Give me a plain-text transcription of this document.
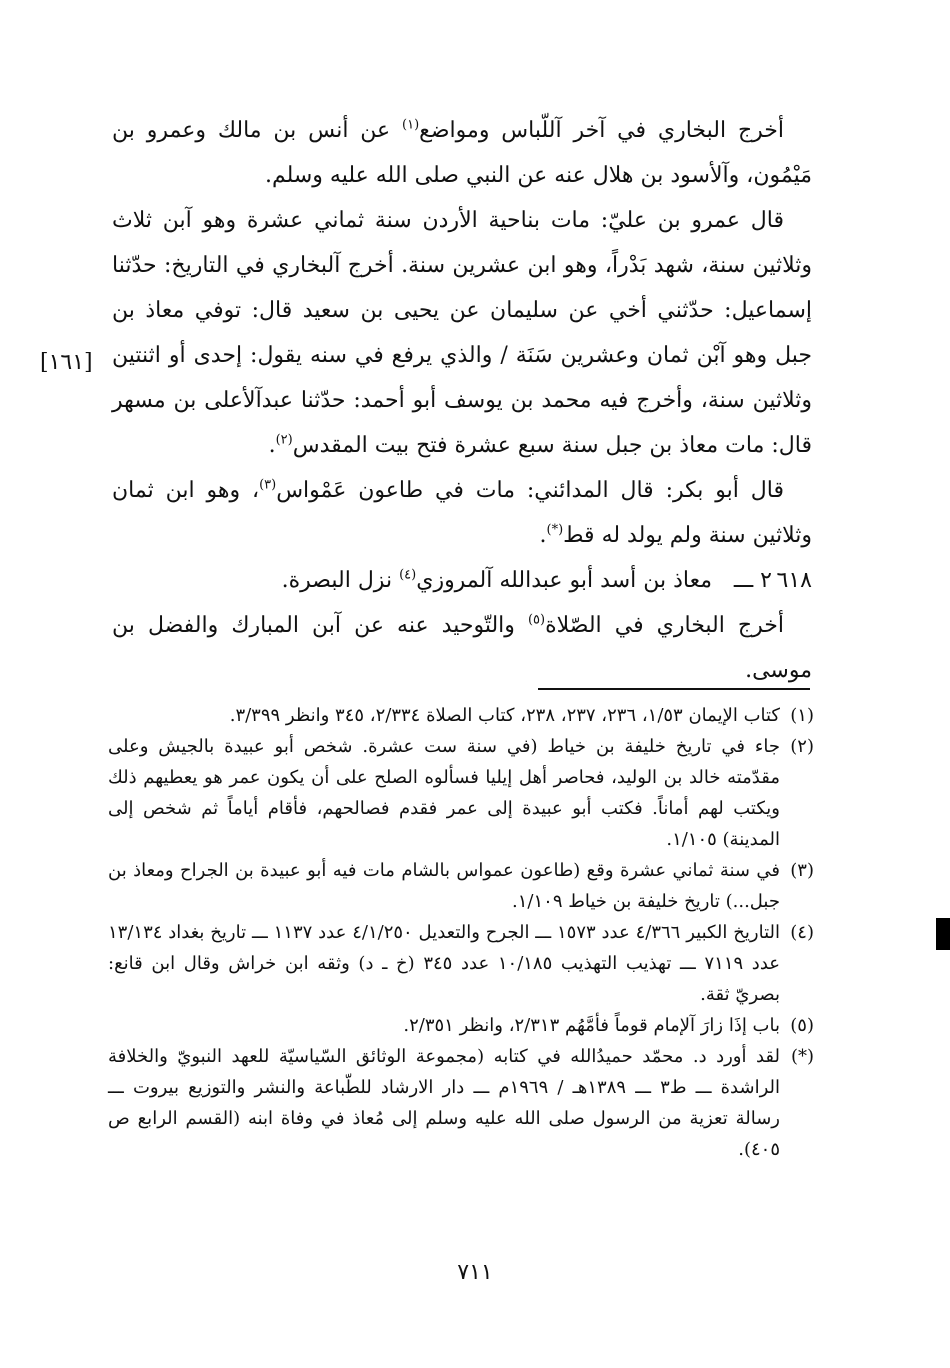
أخرج البخاري في آخر آللّباس ومواضع$^{(١)}$ عن أنس بن مالك وعمرو بن مَيْمُون، وآلأسود بن هلال عنه عن النبي صلى الله عليه وسلم.

قال عمرو بن عليّ: مات بناحية الأردن سنة ثماني عشرة وهو آبن ثلاث وثلاثين سنة، شهد بَدْراً، وهو ابن عشرين سنة. أخرج آلبخاري في التاريخ: حدّثنا إسماعيل: حدّثني أخي عن سليمان عن يحيى بن سعيد قال: توفي معاذ بن جبل وهو آبْن ثمان وعشرين سَنَة / والذي يرفع في سنه يقول: إحدى أو اثنتين وثلاثين سنة، وأخرج فيه محمد بن يوسف أبو أحمد: حدّثنا عبدآلأعلى بن مسهر قال: مات معاذ بن جبل سنة سبع عشرة فتح بيت المقدس$^{(٢)}$.

قال أبو بكر: قال المدائني: مات في طاعون عَمْواس$^{(٣)}$، وهو ابن ثمان وثلاثين سنة ولم يولد له قط(*).

٦١٨
٢ ـــ
معاذ بن أسد أبو عبدالله آلمروزي$^{(٤)}$ نزل البصرة.

أخرج البخاري في الصّلاة$^{(٥)}$ والتّوحيد عنه عن آبن المبارك والفضل بن موسى.

[١٦١]
(١)
كتاب الإيمان ١/٥٣، ٢٣٦، ٢٣٧، ٢٣٨، كتاب الصلاة ٢/٣٣٤، ٣٤٥ وانظر ٣/٣٩٩.
(٢)
جاء في تاريخ خليفة بن خياط (في سنة ست عشرة. شخص أبو عبيدة بالجيش وعلى مقدّمته خالد بن الوليد، فحاصر أهل إيليا فسألوه الصلح على أن يكون عمر هو يعطيهم ذلك ويكتب لهم أماناً. فكتب أبو عبيدة إلى عمر فقدم فصالحهم، فأقام أياماً ثم شخص إلى المدينة) ١/١٠٥.
(٣)
في سنة ثماني عشرة وقع (طاعون عمواس بالشام مات فيه أبو عبيدة بن الجراح ومعاذ بن جبل...) تاريخ خليفة بن خياط ١/١٠٩.
(٤)
التاريخ الكبير ٤/٣٦٦ عدد ١٥٧٣ ـــ الجرح والتعديل ٤/١/٢٥٠ عدد ١١٣٧ ـــ تاريخ بغداد ١٣/١٣٤ عدد ٧١١٩ ـــ تهذيب التهذيب ١٠/١٨٥ عدد ٣٤٥ (خ ـ د) وثقه ابن خراش وقال ابن قانع: بصريّ ثقة.
(٥)
باب إذَا زارَ آلإمام قوماً فأمَّهُم ٢/٣١٣، وانظر ٢/٣٥١.
(*)
لقد أورد د. محمّد حميدُالله في كتابه (مجموعة الوثائق السّياسيّة للعهد النبويّ والخلافة الراشدة ـــ ط٣ ـــ ١٣٨٩هـ / ١٩٦٩م ـــ دار الارشاد للطّباعة والنشر والتوزيع بيروت ـــ رسالة تعزية من الرسول صلى الله عليه وسلم إلى مُعاذ في وفاة ابنه (القسم الرابع ص ٤٠٥).
٧١١
